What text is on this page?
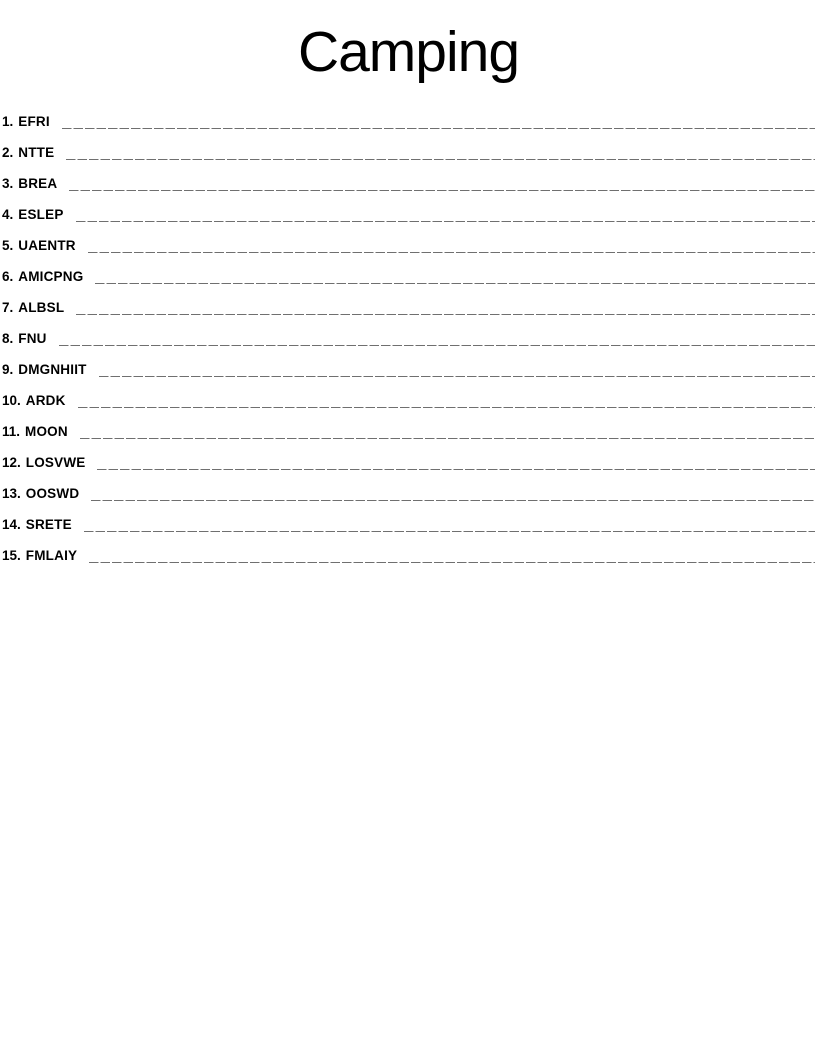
Camping
1. EFRI
2. NTTE
3. BREA
4. ESLEP
5. UAENTR
6. AMICPNG
7. ALBSL
8. FNU
9. DMGNHIIT
10. ARDK
11. MOON
12. LOSVWE
13. OOSWD
14. SRETE
15. FMLAIY
